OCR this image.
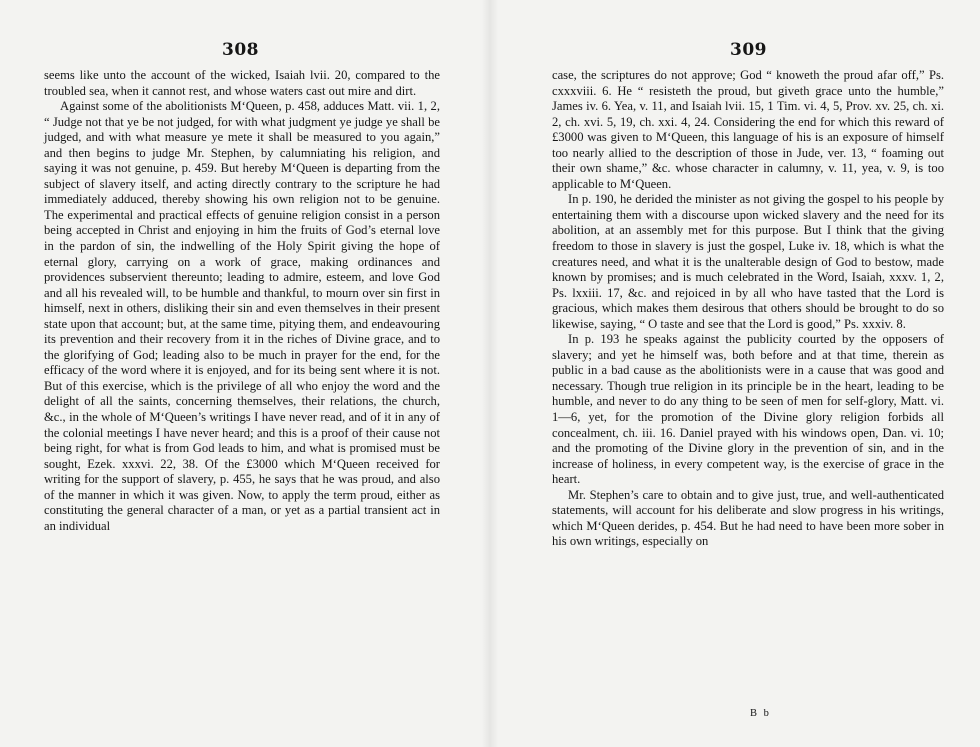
308

seems like unto the account of the wicked, Isaiah lvii. 20, compared to the troubled sea, when it cannot rest, and whose waters cast out mire and dirt.

Against some of the abolitionists M‘Queen, p. 458, adduces Matt. vii. 1, 2, “ Judge not that ye be not judged, for with what judgment ye judge ye shall be judged, and with what measure ye mete it shall be measured to you again,” and then begins to judge Mr. Stephen, by calumniating his religion, and saying it was not genuine, p. 459. But hereby M‘Queen is departing from the subject of slavery itself, and acting directly contrary to the scripture he had immediately adduced, thereby showing his own religion not to be genuine. The experimental and practical effects of genuine religion consist in a person being accepted in Christ and enjoying in him the fruits of God’s eternal love in the pardon of sin, the indwelling of the Holy Spirit giving the hope of eternal glory, carrying on a work of grace, making ordinances and providences subservient thereunto; leading to admire, esteem, and love God and all his revealed will, to be humble and thankful, to mourn over sin first in himself, next in others, disliking their sin and even themselves in their present state upon that account; but, at the same time, pitying them, and endeavouring its prevention and their recovery from it in the riches of Divine grace, and to the glorifying of God; leading also to be much in prayer for the end, for the efficacy of the word where it is enjoyed, and for its being sent where it is not. But of this exercise, which is the privilege of all who enjoy the word and the delight of all the saints, concerning themselves, their relations, the church, &c., in the whole of M‘Queen’s writings I have never read, and of it in any of the colonial meetings I have never heard; and this is a proof of their cause not being right, for what is from God leads to him, and what is promised must be sought, Ezek. xxxvi. 22, 38. Of the £3000 which M‘Queen received for writing for the support of slavery, p. 455, he says that he was proud, and also of the manner in which it was given. Now, to apply the term proud, either as constituting the general character of a man, or yet as a partial transient act in an individual

309

case, the scriptures do not approve; God “ knoweth the proud afar off,” Ps. cxxxviii. 6. He “ resisteth the proud, but giveth grace unto the humble,” James iv. 6. Yea, v. 11, and Isaiah lvii. 15, 1 Tim. vi. 4, 5, Prov. xv. 25, ch. xi. 2, ch. xvi. 5, 19, ch. xxi. 4, 24. Considering the end for which this reward of £3000 was given to M‘Queen, this language of his is an exposure of himself too nearly allied to the description of those in Jude, ver. 13, “ foaming out their own shame,” &c. whose character in calumny, v. 11, yea, v. 9, is too applicable to M‘Queen.

In p. 190, he derided the minister as not giving the gospel to his people by entertaining them with a discourse upon wicked slavery and the need for its abolition, at an assembly met for this purpose. But I think that the giving freedom to those in slavery is just the gospel, Luke iv. 18, which is what the creatures need, and what it is the unalterable design of God to bestow, made known by promises; and is much celebrated in the Word, Isaiah, xxxv. 1, 2, Ps. lxxiii. 17, &c. and rejoiced in by all who have tasted that the Lord is gracious, which makes them desirous that others should be brought to do so likewise, saying, “ O taste and see that the Lord is good,” Ps. xxxiv. 8.

In p. 193 he speaks against the publicity courted by the opposers of slavery; and yet he himself was, both before and at that time, therein as public in a bad cause as the abolitionists were in a cause that was good and necessary. Though true religion in its principle be in the heart, leading to be humble, and never to do any thing to be seen of men for self-glory, Matt. vi. 1—6, yet, for the promotion of the Divine glory religion forbids all concealment, ch. iii. 16. Daniel prayed with his windows open, Dan. vi. 10; and the promoting of the Divine glory in the prevention of sin, and in the increase of holiness, in every competent way, is the exercise of grace in the heart.

Mr. Stephen’s care to obtain and to give just, true, and well-authenticated statements, will account for his deliberate and slow progress in his writings, which M‘Queen derides, p. 454. But he had need to have been more sober in his own writings, especially on

B b
